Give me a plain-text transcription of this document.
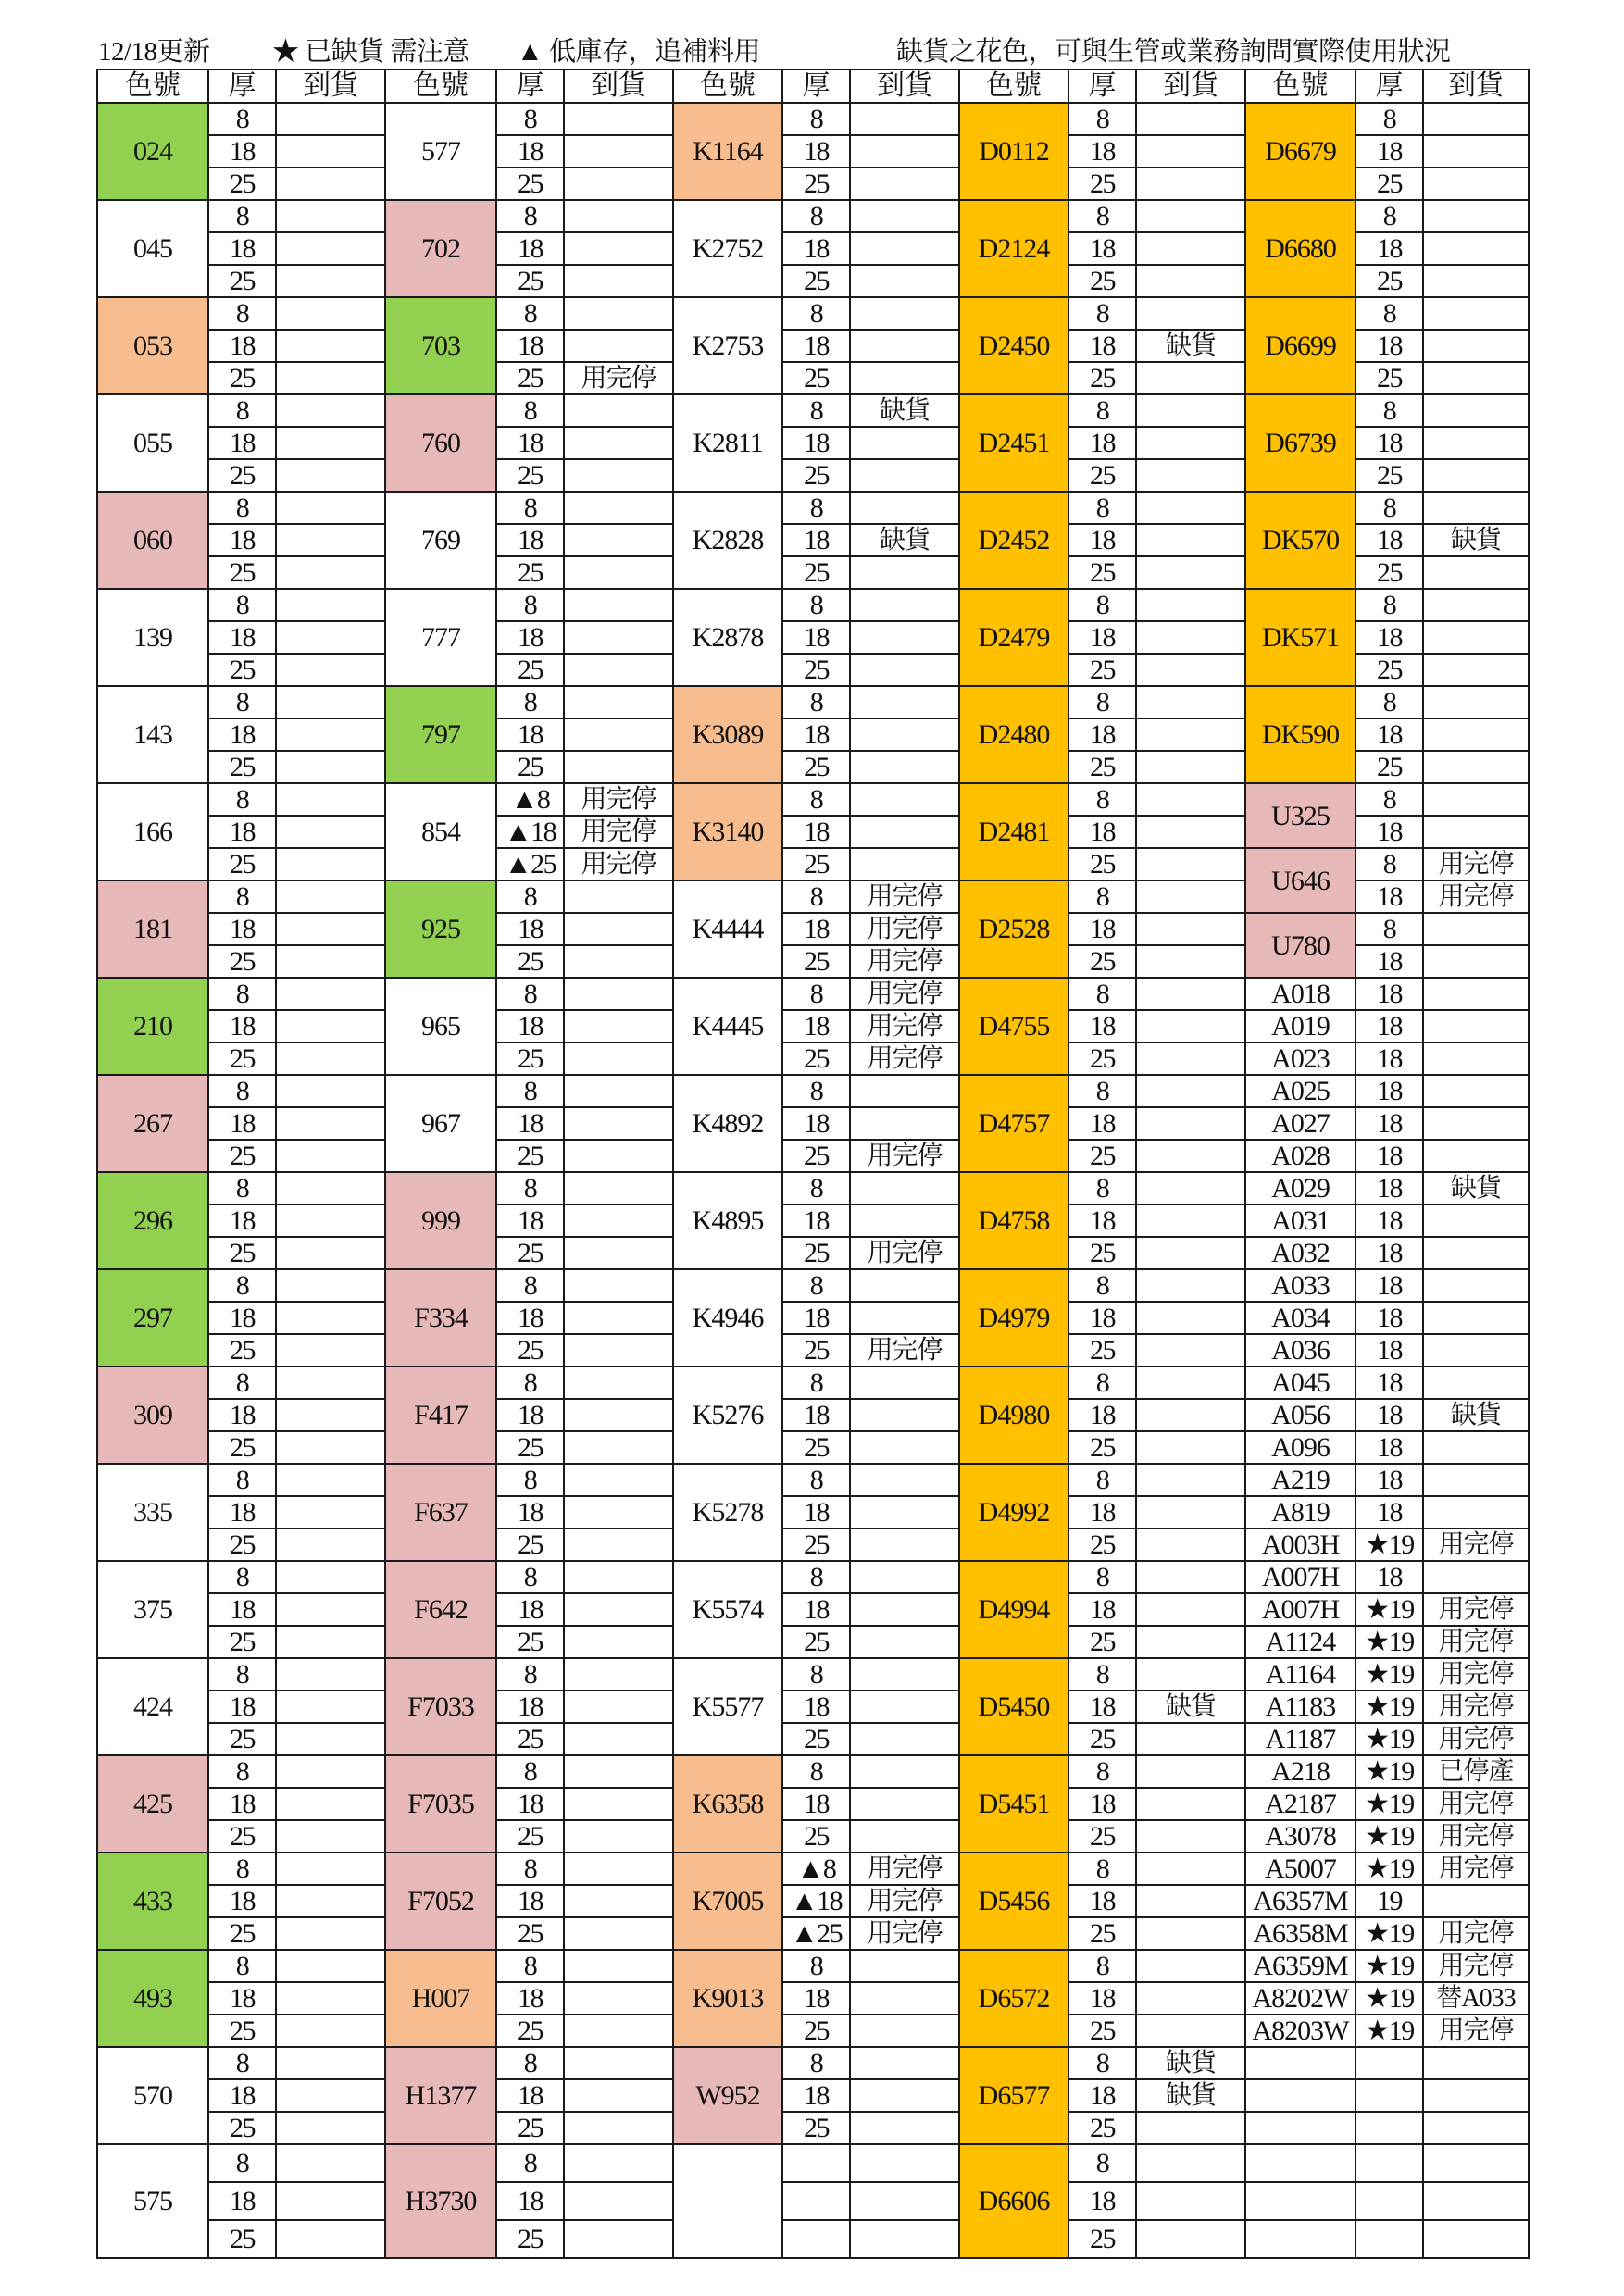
12/18更新 ★ 已缺貨 需注意 ▲ 低庫存，追補料用	缺貨之花色，可與生管或業務詢問實際使用狀況
色號	厚	到貨	色號	厚	到貨	色號	厚	到貨	色號	厚	到貨	色號	厚	到貨
024	8		577	8		K1164	8		D0112	8		D6679	8	
	18			18			18			18			18	
	25			25			25			25			25	
045	8		702	8		K2752	8		D2124	8		D6680	8	
	18			18			18			18			18	
	25			25			25			25			25	
053	8		703	8		K2753	8		D2450	8		D6699	8	
	18			18			18			18	缺貨		18	
	25			25	用完停		25			25			25	
055	8		760	8		K2811	8	缺貨	D2451	8		D6739	8	
	18			18			18			18			18	
	25			25			25			25			25	
060	8		769	8		K2828	8		D2452	8		DK570	8	
	18			18			18	缺貨		18			18	缺貨
	25			25			25			25			25	
139	8		777	8		K2878	8		D2479	8		DK571	8	
	18			18			18			18			18	
	25			25			25			25			25	
143	8		797	8		K3089	8		D2480	8		DK590	8	
	18			18			18			18			18	
	25			25			25			25			25	
166	8		854	▲8	用完停	K3140	8		D2481	8		U325	8	
	18			▲18	用完停		18			18			18	
	25			▲25	用完停		25			25		U646	8	用完停
181	8		925	8		K4444	8	用完停	D2528	8			18	用完停
	18			18			18	用完停		18		U780	8	
	25			25			25	用完停		25			18	
210	8		965	8		K4445	8	用完停	D4755	8		A018	18	
	18			18			18	用完停		18		A019	18	
	25			25			25	用完停		25		A023	18	
267	8		967	8		K4892	8		D4757	8		A025	18	
	18			18			18			18		A027	18	
	25			25			25	用完停		25		A028	18	
296	8		999	8		K4895	8		D4758	8		A029	18	缺貨
	18			18			18			18		A031	18	
	25			25			25	用完停		25		A032	18	
297	8		F334	8		K4946	8		D4979	8		A033	18	
	18			18			18			18		A034	18	
	25			25			25	用完停		25		A036	18	
309	8		F417	8		K5276	8		D4980	8		A045	18	
	18			18			18			18		A056	18	缺貨
	25			25			25			25		A096	18	
335	8		F637	8		K5278	8		D4992	8		A219	18	
	18			18			18			18		A819	18	
	25			25			25			25		A003H	★19	用完停
375	8		F642	8		K5574	8		D4994	8		A007H	18	
	18			18			18			18		A007H	★19	用完停
	25			25			25			25		A1124	★19	用完停
424	8		F7033	8		K5577	8		D5450	8		A1164	★19	用完停
	18			18			18			18	缺貨	A1183	★19	用完停
	25			25			25			25		A1187	★19	用完停
425	8		F7035	8		K6358	8		D5451	8		A218	★19	已停產
	18			18			18			18		A2187	★19	用完停
	25			25			25			25		A3078	★19	用完停
433	8		F7052	8		K7005	▲8	用完停	D5456	8		A5007	★19	用完停
	18			18			▲18	用完停		18		A6357M	19	
	25			25			▲25	用完停		25		A6358M	★19	用完停
493	8		H007	8		K9013	8		D6572	8		A6359M	★19	用完停
	18			18			18			18		A8202W	★19	替A033
	25			25			25			25		A8203W	★19	用完停
570	8		H1377	8		W952	8		D6577	8	缺貨			
	18			18			18			18	缺貨			
	25			25			25			25				
575	8		H3730	8					D6606	8				
	18			18						18				
	25			25						25				
